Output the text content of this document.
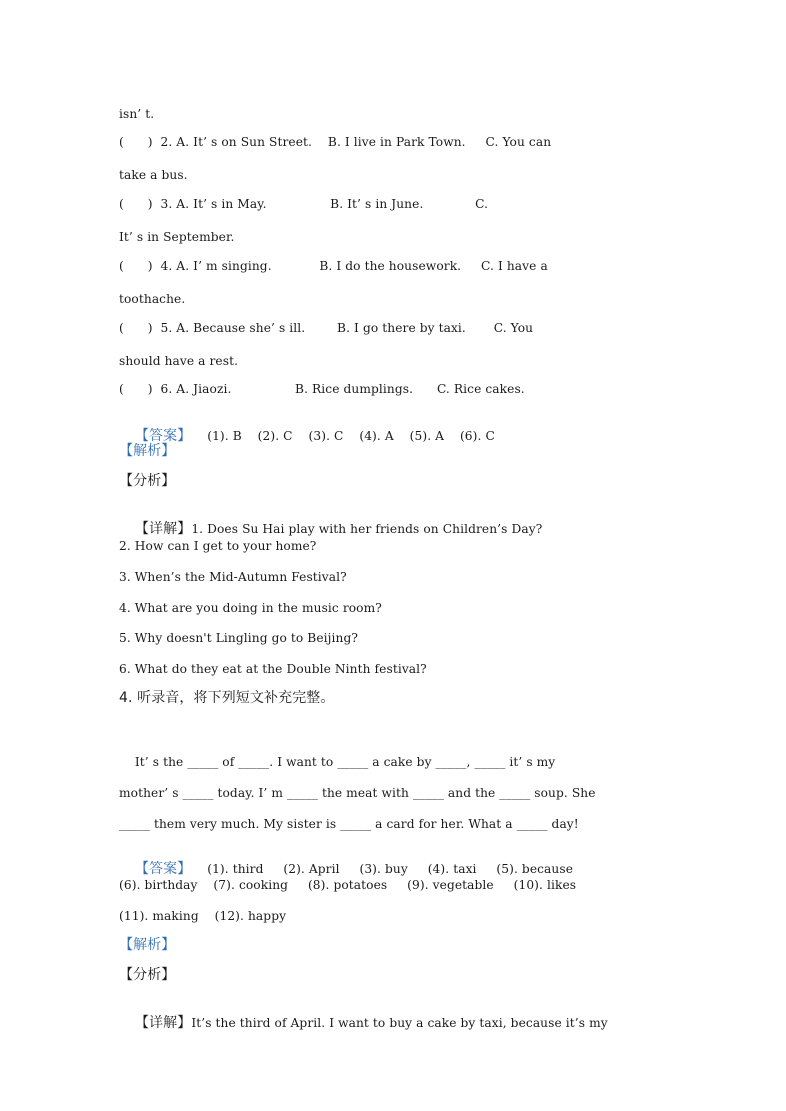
isn’ t.
(      )  2. A. It’ s on Sun Street.    B. I live in Park Town.     C. You can
take a bus.
(      )  3. A. It’ s in May.                B. It’ s in June.             C.
It’ s in September.
(      )  4. A. I’ m singing.            B. I do the housework.     C. I have a
toothache.
(      )  5. A. Because she’ s ill.        B. I go there by taxi.       C. You
should have a rest.
(      )  6. A. Jiaozi.                B. Rice dumplings.      C. Rice cakes.

【答案】    (1). B    (2). C    (3). C    (4). A    (5). A    (6). C

【解析】
【分析】

【详解】1. Does Su Hai play with her friends on Children’s Day?

2. How can I get to your home?
3. When’s the Mid-Autumn Festival?
4. What are you doing in the music room?
5. Why doesn't Lingling go to Beijing?
6. What do they eat at the Double Ninth festival?
4. 听录音，将下列短文补充完整。
It’ s the _____ of _____. I want to _____ a cake by _____, _____ it’ s my
mother’ s _____ today. I’ m _____ the meat with _____ and the _____ soup. She
_____ them very much. My sister is _____ a card for her. What a _____ day!

【答案】    (1). third     (2). April     (3). buy     (4). taxi     (5). because

(6). birthday    (7). cooking     (8). potatoes     (9). vegetable     (10). likes
(11). making    (12). happy
【解析】
【分析】

【详解】It’s the third of April. I want to buy a cake by taxi, because it’s my
